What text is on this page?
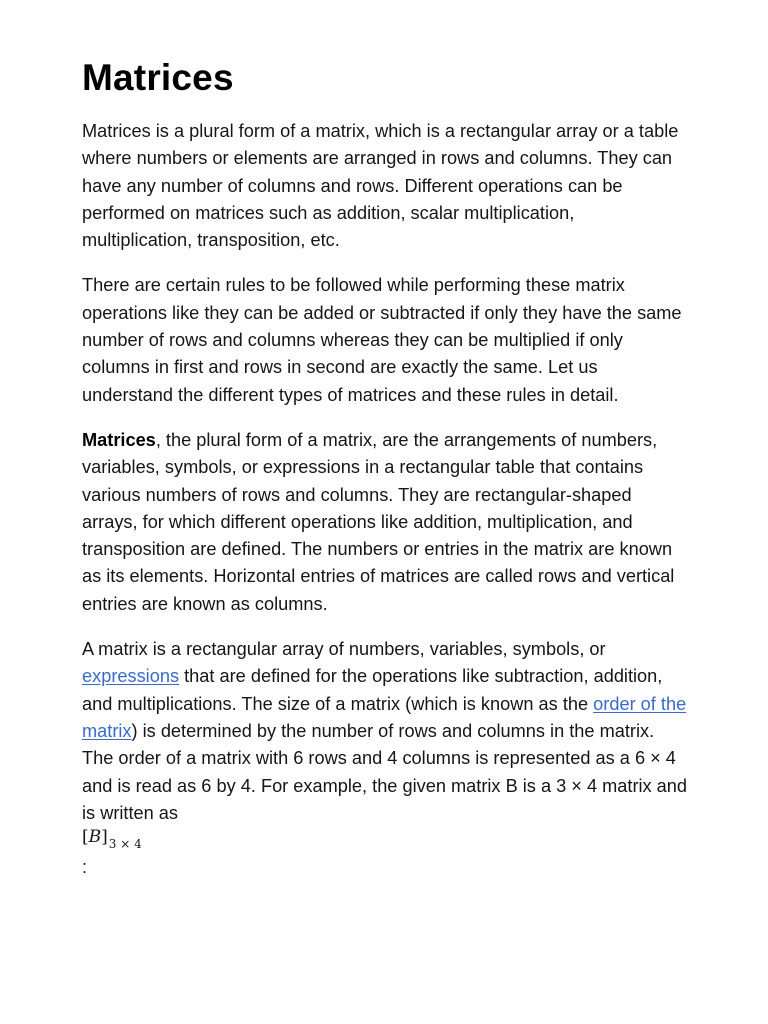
Matrices

Matrices is a plural form of a matrix, which is a rectangular array or a table where numbers or elements are arranged in rows and columns. They can have any number of columns and rows. Different operations can be performed on matrices such as addition, scalar multiplication, multiplication, transposition, etc.

There are certain rules to be followed while performing these matrix operations like they can be added or subtracted if only they have the same number of rows and columns whereas they can be multiplied if only columns in first and rows in second are exactly the same. Let us understand the different types of matrices and these rules in detail.

Matrices, the plural form of a matrix, are the arrangements of numbers, variables, symbols, or expressions in a rectangular table that contains various numbers of rows and columns. They are rectangular-shaped arrays, for which different operations like addition, multiplication, and transposition are defined. The numbers or entries in the matrix are known as its elements. Horizontal entries of matrices are called rows and vertical entries are known as columns.

A matrix is a rectangular array of numbers, variables, symbols, or expressions that are defined for the operations like subtraction, addition, and multiplications. The size of a matrix (which is known as the order of the matrix) is determined by the number of rows and columns in the matrix. The order of a matrix with 6 rows and 4 columns is represented as a 6 × 4 and is read as 6 by 4. For example, the given matrix B is a 3 × 4 matrix and is written as
$[B]_{3 \times 4}$
:
